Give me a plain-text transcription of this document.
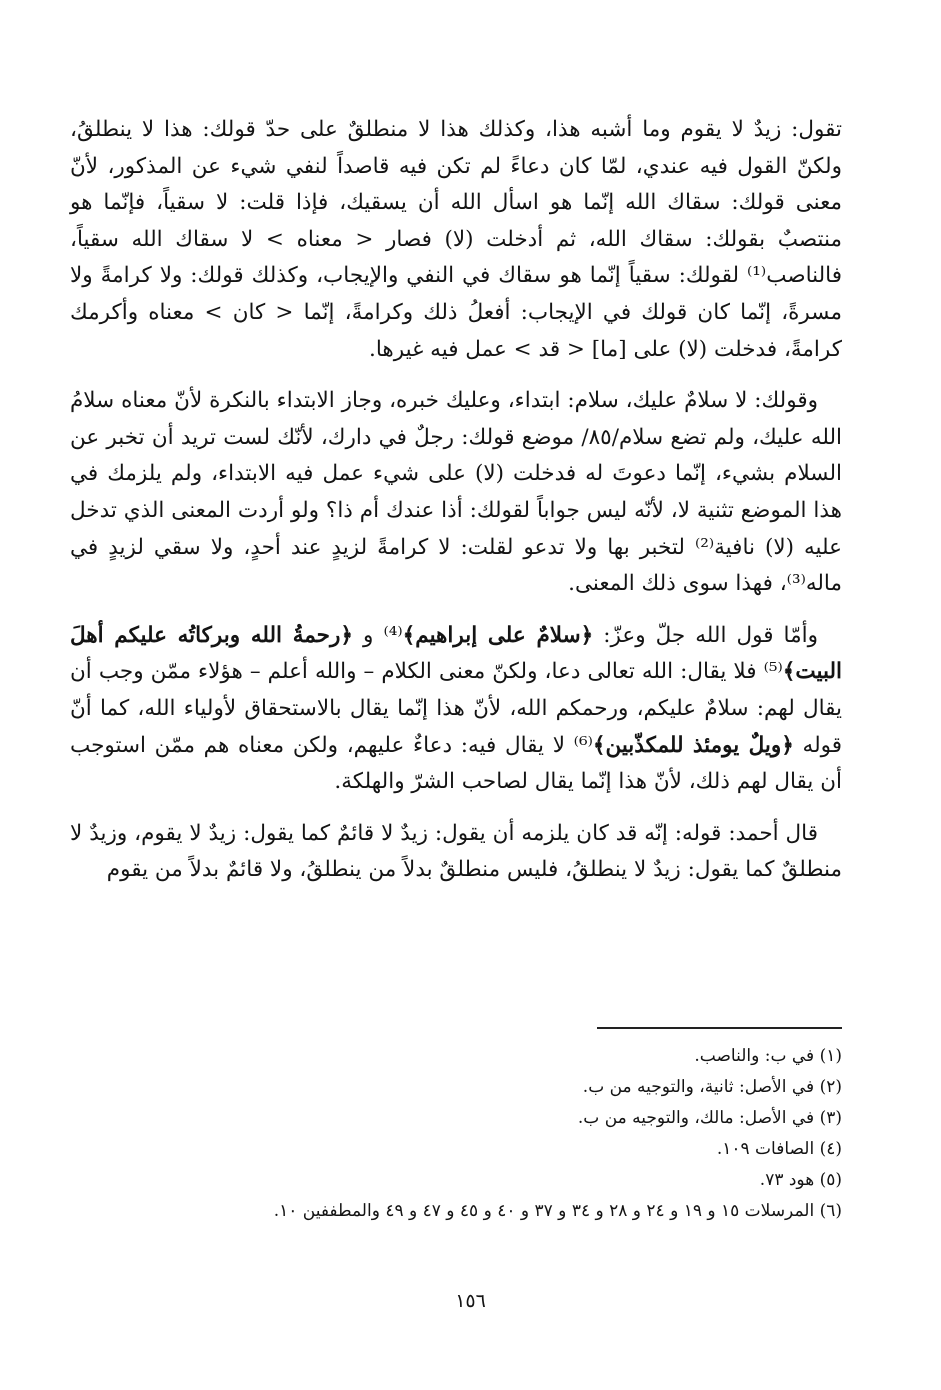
تقول: زيدٌ لا يقوم وما أشبه هذا، وكذلك هذا لا منطلقٌ على حدّ قولك: هذا لا ينطلقُ، ولكنّ القول فيه عندي، لمّا كان دعاءً لم تكن فيه قاصداً لنفي شيء عن المذكور، لأنّ معنى قولك: سقاك الله إنّما هو اسأل الله أن يسقيك، فإذا قلت: لا سقياً، فإنّما هو منتصبٌ بقولك: سقاك الله، ثم أدخلت (لا) فصار < معناه > لا سقاك الله سقياً، فالناصب⁽¹⁾ لقولك: سقياً إنّما هو سقاك في النفي والإيجاب، وكذلك قولك: ولا كرامةً ولا مسرةً، إنّما كان قولك في الإيجاب: أفعلُ ذلك وكرامةً، إنّما < كان > معناه وأكرمك كرامةً، فدخلت (لا) على [ما] < قد > عمل فيه غيرها.

وقولك: لا سلامٌ عليك، سلام: ابتداء، وعليك خبره، وجاز الابتداء بالنكرة لأنّ معناه سلامُ الله عليك، ولم تضع سلام/٨٥/ موضع قولك: رجلٌ في دارك، لأنّك لست تريد أن تخبر عن السلام بشيء، إنّما دعوتَ له فدخلت (لا) على شيء عمل فيه الابتداء، ولم يلزمك في هذا الموضع تثنية لا، لأنّه ليس جواباً لقولك: أذا عندك أم ذا؟ ولو أردت المعنى الذي تدخل عليه (لا) نافية⁽²⁾ لتخبر بها ولا تدعو لقلت: لا كرامةً لزيدٍ عند أحدٍ، ولا سقي لزيدٍ في ماله⁽³⁾، فهذا سوى ذلك المعنى.

وأمّا قول الله جلّ وعزّ: ﴿سلامٌ على إبراهيم﴾⁽⁴⁾ و ﴿رحمةُ الله وبركاتُه عليكم أهلَ البيت﴾⁽⁵⁾ فلا يقال: الله تعالى دعا، ولكنّ معنى الكلام – والله أعلم – هؤلاء ممّن وجب أن يقال لهم: سلامٌ عليكم، ورحمكم الله، لأنّ هذا إنّما يقال بالاستحقاق لأولياء الله، كما أنّ قوله ﴿ويلٌ يومئذ للمكذّبين﴾⁽⁶⁾ لا يقال فيه: دعاءٌ عليهم، ولكن معناه هم ممّن استوجب أن يقال لهم ذلك، لأنّ هذا إنّما يقال لصاحب الشرّ والهلكة.

قال أحمد: قوله: إنّه قد كان يلزمه أن يقول: زيدٌ لا قائمٌ كما يقول: زيدٌ لا يقوم، وزيدٌ لا منطلقٌ كما يقول: زيدٌ لا ينطلقُ، فليس منطلقٌ بدلاً من ينطلقُ، ولا قائمٌ بدلاً من يقوم

(١) في ب: والناصب.
(٢) في الأصل: ثانية، والتوجيه من ب.
(٣) في الأصل: مالك، والتوجيه من ب.
(٤) الصافات ١٠٩.
(٥) هود ٧٣.
(٦) المرسلات ١٥ و ١٩ و ٢٤ و ٢٨ و ٣٤ و ٣٧ و ٤٠ و ٤٥ و ٤٧ و ٤٩ والمطففين ١٠.
١٥٦
